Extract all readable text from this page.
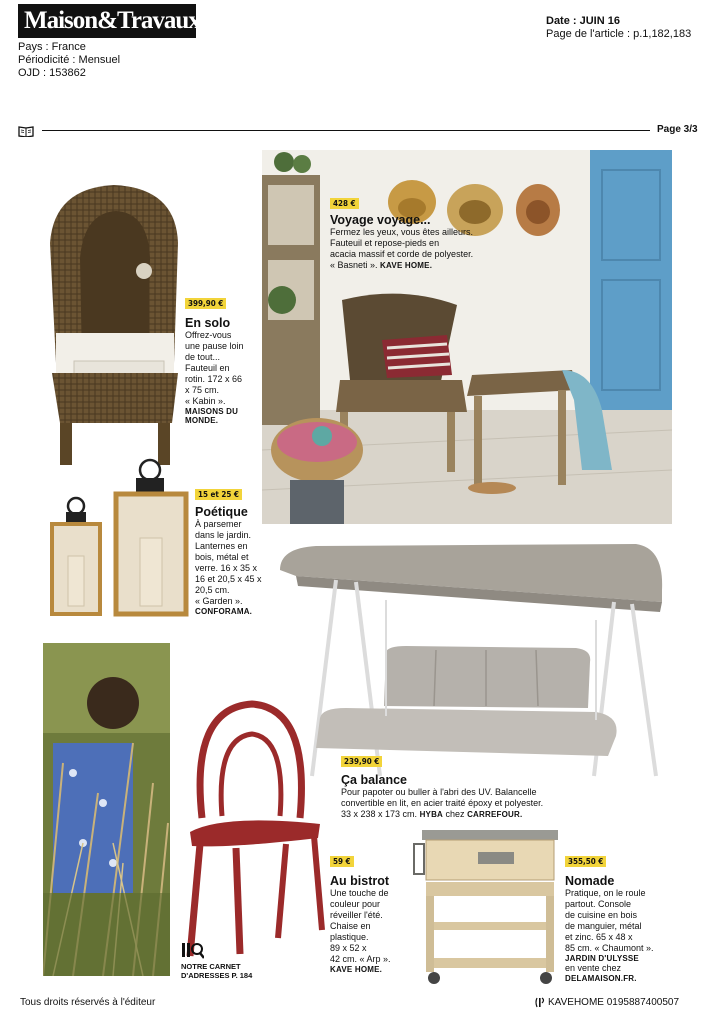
Maison&Travaux
Pays : France
Périodicité : Mensuel
OJD : 153862
Date : JUIN 16
Page de l'article : p.1,182,183
Page 3/3
399,90 €
En solo
Offrez-vous
une pause loin
de tout...
Fauteuil en
rotin. 172 x 66
x 75 cm.
« Kabin ».
MAISONS DU
MONDE.
428 €
Voyage voyage...
Fermez les yeux, vous êtes ailleurs.
Fauteuil et repose-pieds en
acacia massif et corde de polyester.
« Basneti ». KAVE HOME.
15 et 25 €
Poétique
À parsemer
dans le jardin.
Lanternes en
bois, métal et
verre. 16 x 35 x
16 et 20,5 x 45 x
20,5 cm.
« Garden ».
CONFORAMA.
239,90 €
Ça balance
Pour papoter ou buller à l'abri des UV. Balancelle
convertible en lit, en acier traité époxy et polyester.
33 x 238 x 173 cm. HYBA chez CARREFOUR.
59 €
Au bistrot
Une touche de
couleur pour
réveiller l'été.
Chaise en
plastique.
89 x 52 x
42 cm. « Arp ».
KAVE HOME.
355,50 €
Nomade
Pratique, on le roule
partout. Console
de cuisine en bois
de manguier, métal
et zinc. 65 x 48 x
85 cm. « Chaumont ».
JARDIN D'ULYSSE
en vente chez
DELAMAISON.FR.
NOTRE CARNET
D'ADRESSES P. 184
Tous droits réservés à l'éditeur	KAVEHOME 0195887400507
